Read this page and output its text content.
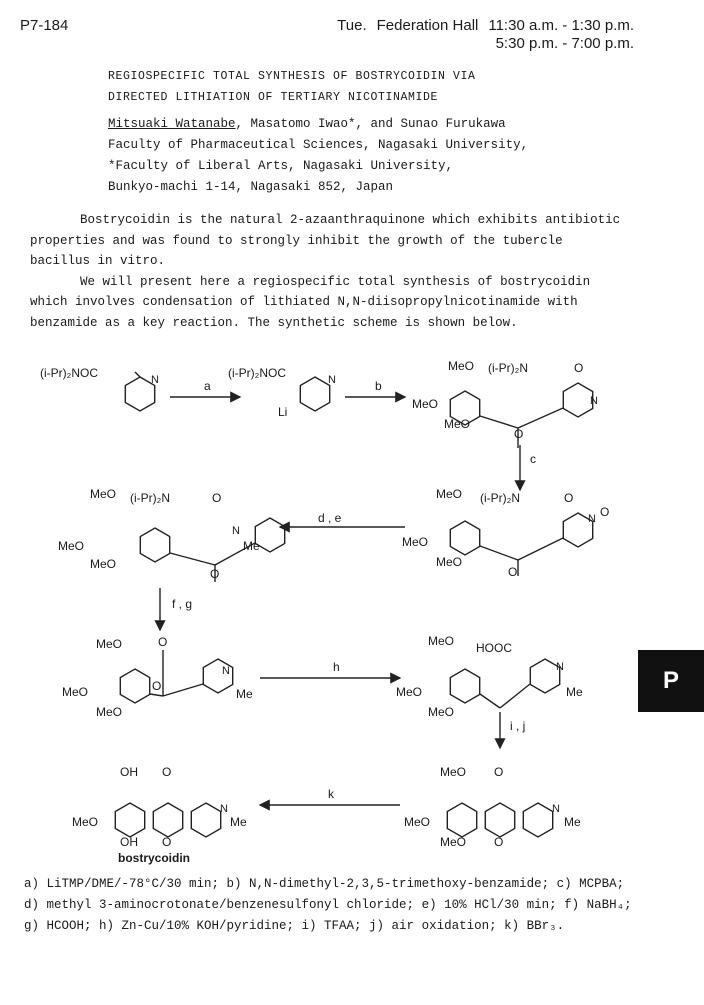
P7-184	Tue. Federation Hall 11:30 a.m. - 1:30 p.m.
5:30 p.m. - 7:00 p.m.
REGIOSPECIFIC TOTAL SYNTHESIS OF BOSTRYCOIDIN VIA
DIRECTED LITHIATION OF TERTIARY NICOTINAMIDE
Mitsuaki Watanabe, Masatomo Iwao*, and Sunao Furukawa
Faculty of Pharmaceutical Sciences, Nagasaki University,
*Faculty of Liberal Arts, Nagasaki University,
Bunkyo-machi 1-14, Nagasaki 852, Japan

Bostrycoidin is the natural 2-azaanthraquinone which exhibits antibiotic properties and was found to strongly inhibit the growth of the tubercle bacillus in vitro.

We will present here a regiospecific total synthesis of bostrycoidin which involves condensation of lithiated N,N-diisopropylnicotinamide with benzamide as a key reaction. The synthetic scheme is shown below.

a	b
c
d , e
f , g
h
i , j
k
(i-Pr)₂NOC	N	(i-Pr)₂NOC	N
Li
MeO (i-Pr)₂N	O
N
MeO
MeO
O
MeO (i-Pr)₂N	O
N
Me
MeO
MeO
O
MeO (i-Pr)₂N	O
N O
MeO
MeO
O
MeO	O
O
N
Me
MeO
MeO
MeO HOOC
N
Me
MeO
MeO
OH O
N
Me
MeO
OH O
bostrycoidin
MeO O
N
Me
MeO
MeO O
a) LiTMP/DME/-78°C/30 min; b) N,N-dimethyl-2,3,5-trimethoxy-benzamide; c) MCPBA; d) methyl 3-aminocrotonate/benzenesulfonyl chloride; e) 10% HCl/30 min; f) NaBH₄; g) HCOOH; h) Zn-Cu/10% KOH/pyridine; i) TFAA; j) air oxidation; k) BBr₃.
P
